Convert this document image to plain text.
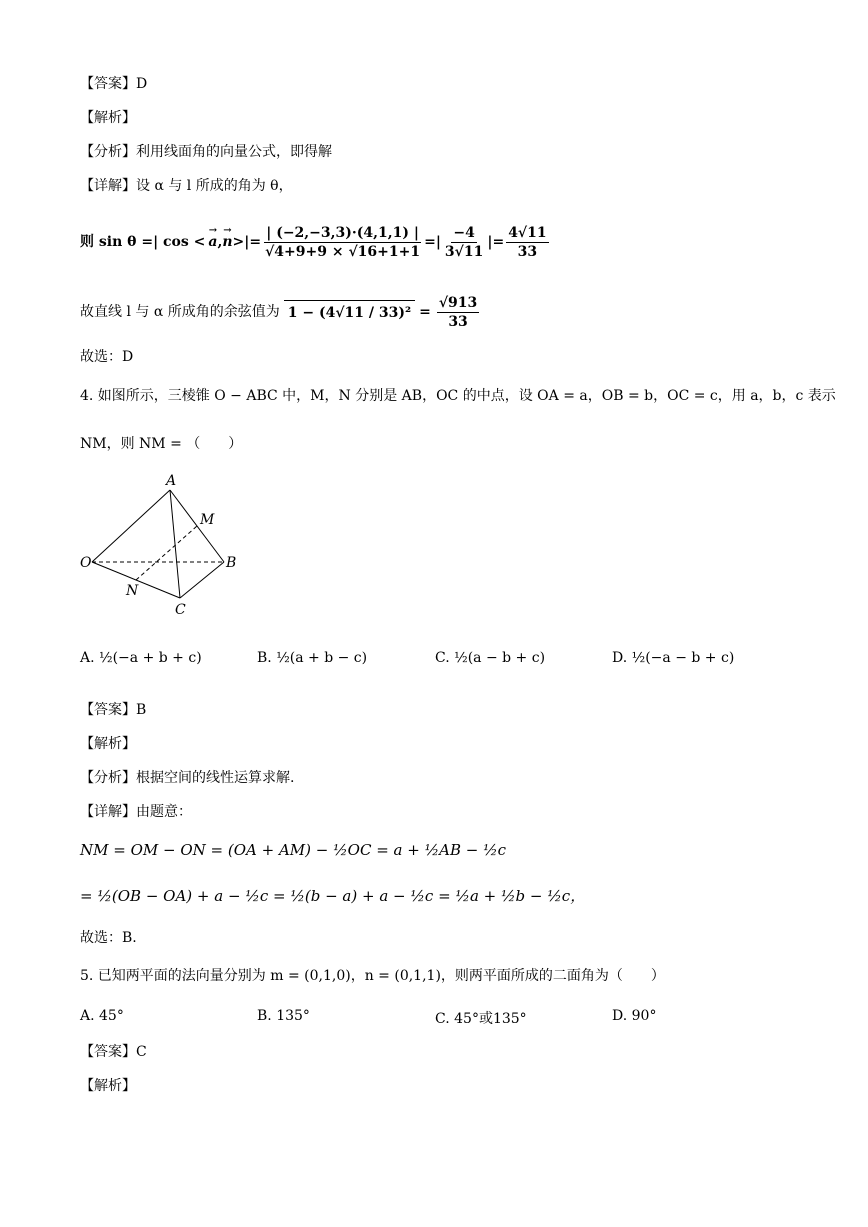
【答案】D
【解析】
【分析】利用线面角的向量公式，即得解
【详解】设 α 与 l 所成的角为 θ，
则 sin θ =| cos < → a , → n >|= $\frac{| (-2,-3,3)\cdot(4,1,1) |}{√4+9+9 \times √16+1+1}$ =| $\frac{-4}{3√11}$ |= $\frac{4√11}{33}$
故直线 l 与 α 所成角的余弦值为 $1 - (4√11 / 33)^2 = \frac{√913}{33}$
故选：D
4. 如图所示，三棱锥 O − ABC 中，M，N 分别是 AB，OC 的中点，设 OA = a，OB = b，OC = c，用 a，b，c 表示
NM，则 NM = （　　）
A
M
O	B
N
C
A. ½(−a + b + c)	B. ½(a + b − c)	C. ½(a − b + c)	D. ½(−a − b + c)
【答案】B
【解析】
【分析】根据空间的线性运算求解.
【详解】由题意：
NM = OM − ON = (OA + AM) − ½OC = a + ½AB − ½c
= ½(OB − OA) + a − ½c = ½(b − a) + a − ½c = ½a + ½b − ½c，
故选：B.
5. 已知两平面的法向量分别为 m = (0,1,0)，n = (0,1,1)，则两平面所成的二面角为（　　）
A. 45°	B. 135°	C. 45°或135°	D. 90°
【答案】C
【解析】
